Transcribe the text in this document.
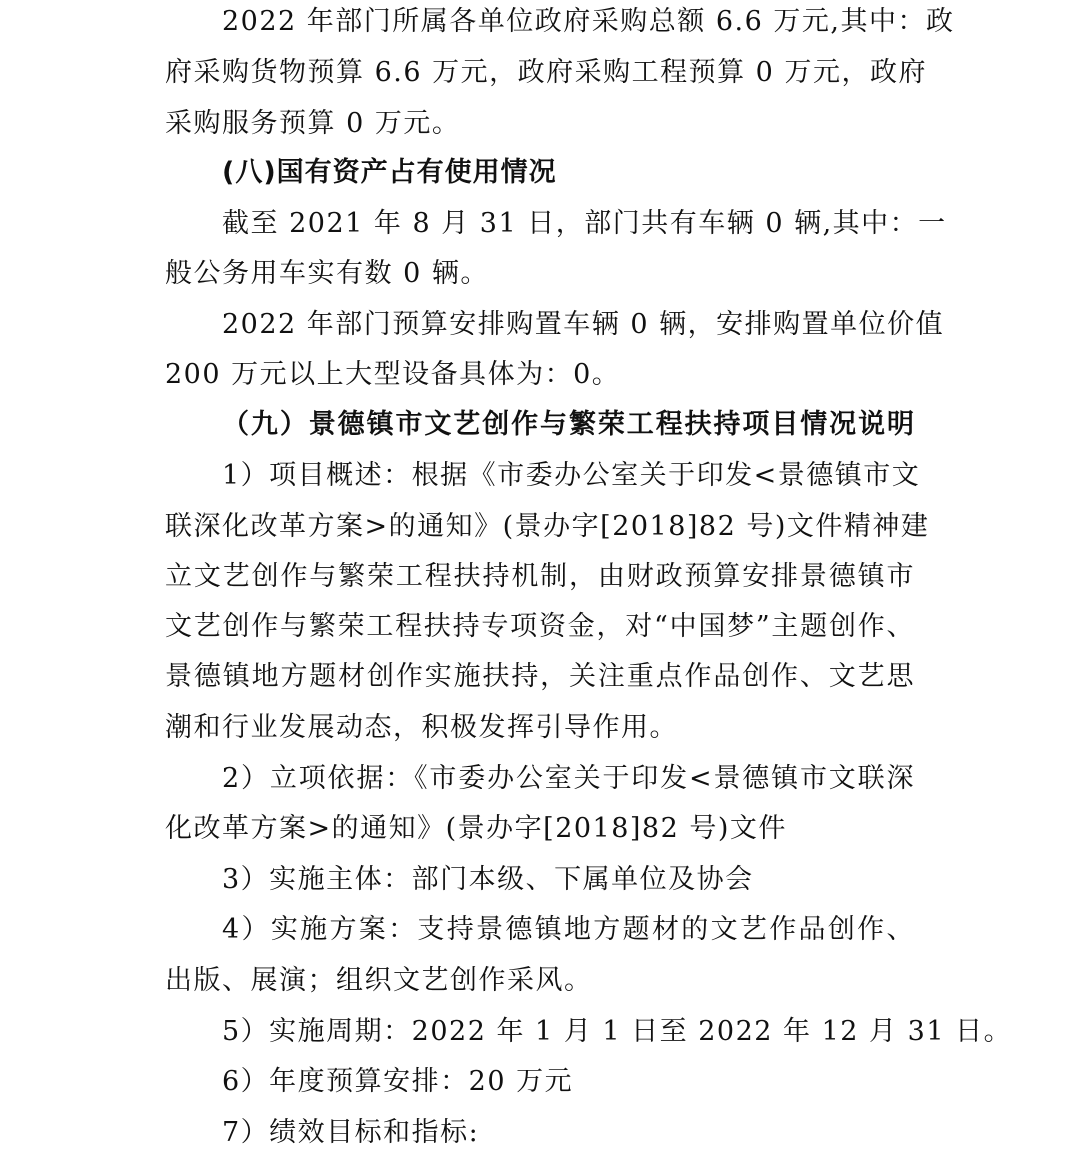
2022 年部门所属各单位政府采购总额 6.6 万元,其中：政
府采购货物预算 6.6 万元，政府采购工程预算 0 万元，政府
采购服务预算 0 万元。
(八)国有资产占有使用情况
截至 2021 年 8 月 31 日，部门共有车辆 0 辆,其中：一
般公务用车实有数 0 辆。
2022 年部门预算安排购置车辆 0 辆，安排购置单位价值
200 万元以上大型设备具体为：0。
（九）景德镇市文艺创作与繁荣工程扶持项目情况说明
1）项目概述：根据《市委办公室关于印发<景德镇市文
联深化改革方案>的通知》(景办字[2018]82 号)文件精神建
立文艺创作与繁荣工程扶持机制，由财政预算安排景德镇市
文艺创作与繁荣工程扶持专项资金，对“中国梦”主题创作、
景德镇地方题材创作实施扶持，关注重点作品创作、文艺思
潮和行业发展动态，积极发挥引导作用。
2）立项依据：《市委办公室关于印发<景德镇市文联深
化改革方案>的通知》(景办字[2018]82 号)文件
3）实施主体：部门本级、下属单位及协会
4）实施方案：支持景德镇地方题材的文艺作品创作、
出版、展演；组织文艺创作采风。
5）实施周期：2022 年 1 月 1 日至 2022 年 12 月 31 日。
6）年度预算安排：20 万元
7）绩效目标和指标:
